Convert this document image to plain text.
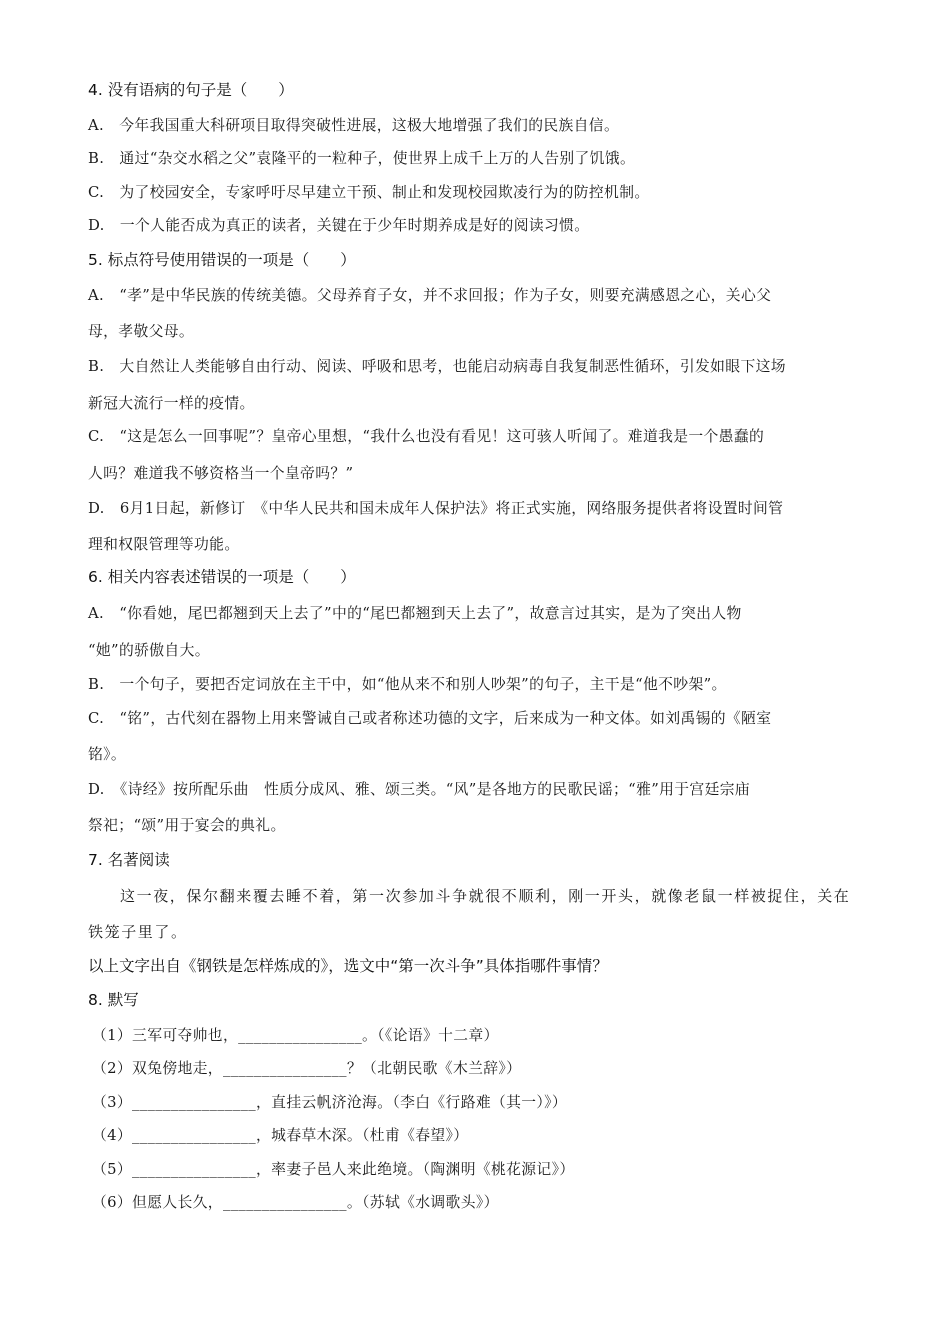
4. 没有语病的句子是（　　）
A.　今年我国重大科研项目取得突破性进展，这极大地增强了我们的民族自信。
B.　通过“杂交水稻之父”袁隆平的一粒种子，使世界上成千上万的人告别了饥饿。
C.　为了校园安全，专家呼吁尽早建立干预、制止和发现校园欺凌行为的防控机制。
D.　一个人能否成为真正的读者，关键在于少年时期养成是好的阅读习惯。
5. 标点符号使用错误的一项是（　　）
A.　“孝”是中华民族的传统美德。父母养育子女，并不求回报；作为子女，则要充满感恩之心，关心父
母，孝敬父母。
B.　大自然让人类能够自由行动、阅读、呼吸和思考，也能启动病毒自我复制恶性循环，引发如眼下这场
新冠大流行一样的疫情。
C.　“这是怎么一回事呢”？皇帝心里想，“我什么也没有看见！这可骇人听闻了。难道我是一个愚蠢的
人吗？难道我不够资格当一个皇帝吗？”
D.　6月1日起，新修订　《中华人民共和国未成年人保护法》将正式实施，网络服务提供者将设置时间管
理和权限管理等功能。
6. 相关内容表述错误的一项是（　　）
A.　“你看她，尾巴都翘到天上去了”中的“尾巴都翘到天上去了”，故意言过其实，是为了突出人物
“她”的骄傲自大。
B.　一个句子，要把否定词放在主干中，如“他从来不和别人吵架”的句子，主干是“他不吵架”。
C.　“铭”，古代刻在器物上用来警诫自己或者称述功德的文字，后来成为一种文体。如刘禹锡的《陋室
铭》。
D.　《诗经》按所配乐曲　性质分成风、雅、颂三类。“风”是各地方的民歌民谣；“雅”用于宫廷宗庙
祭祀；“颂”用于宴会的典礼。
7. 名著阅读
这一夜，保尔翻来覆去睡不着，第一次参加斗争就很不顺利，刚一开头，就像老鼠一样被捉住，关在
铁笼子里了。
以上文字出自《钢铁是怎样炼成的》，选文中“第一次斗争”具体指哪件事情？
8. 默写
（1）三军可夺帅也，________________。（《论语》十二章）
（2）双兔傍地走，________________？（北朝民歌《木兰辞》）
（3）________________，直挂云帆济沧海。（李白《行路难（其一）》）
（4）________________，城春草木深。（杜甫《春望》）
（5）________________，率妻子邑人来此绝境。（陶渊明《桃花源记》）
（6）但愿人长久，________________。（苏轼《水调歌头》）
